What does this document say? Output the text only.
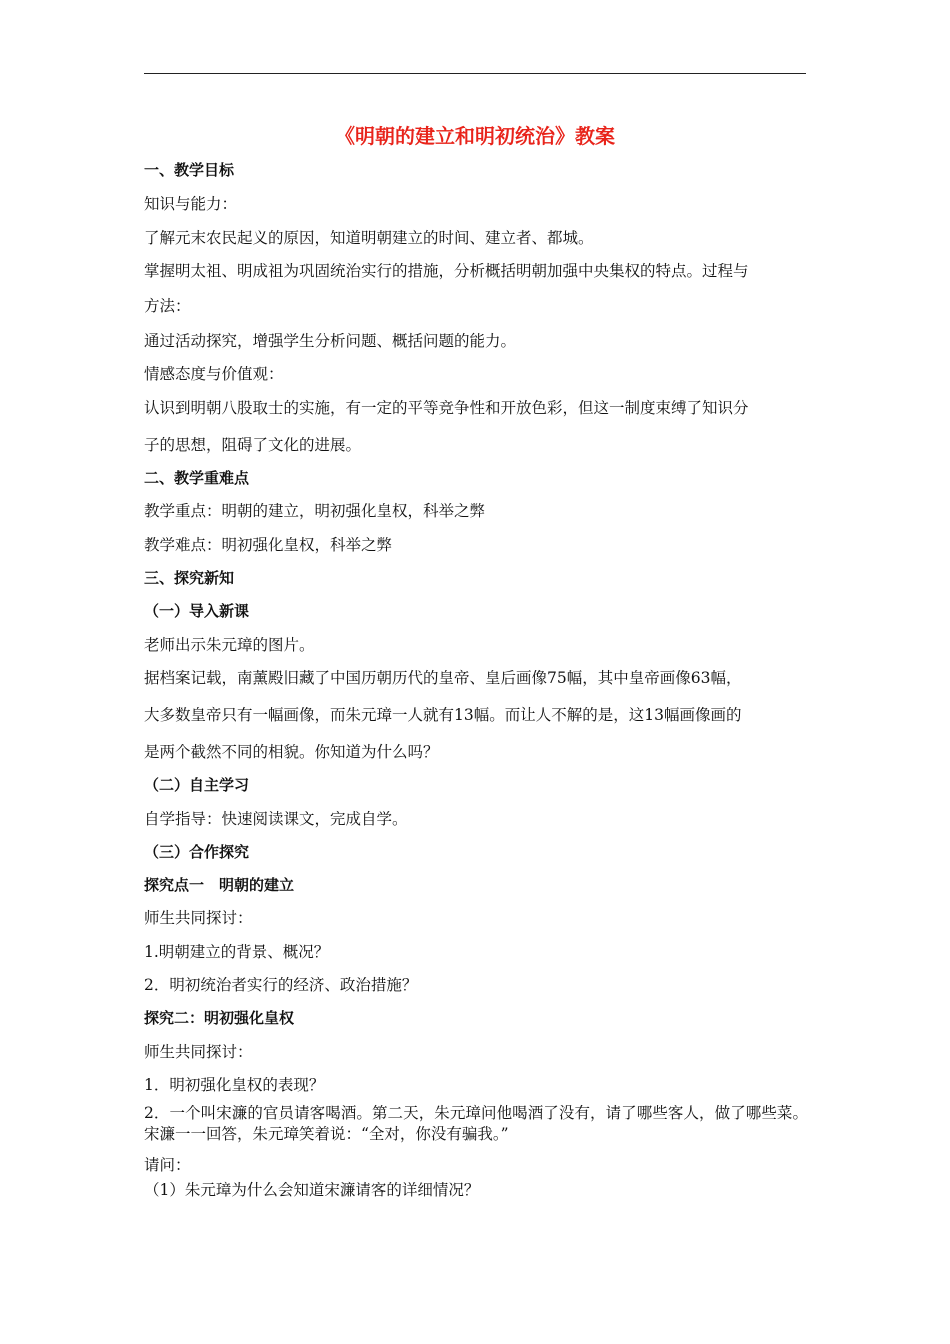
《明朝的建立和明初统治》教案
一、教学目标
知识与能力：
了解元末农民起义的原因，知道明朝建立的时间、建立者、都城。
掌握明太祖、明成祖为巩固统治实行的措施，分析概括明朝加强中央集权的特点。过程与
方法：
通过活动探究，增强学生分析问题、概括问题的能力。
情感态度与价值观：
认识到明朝八股取士的实施，有一定的平等竞争性和开放色彩，但这一制度束缚了知识分
子的思想，阻碍了文化的进展。
二、教学重难点
教学重点：明朝的建立，明初强化皇权，科举之弊
教学难点：明初强化皇权，科举之弊
三、探究新知
（一）导入新课
老师出示朱元璋的图片。
据档案记载，南薰殿旧藏了中国历朝历代的皇帝、皇后画像75幅，其中皇帝画像63幅，
大多数皇帝只有一幅画像，而朱元璋一人就有13幅。而让人不解的是，这13幅画像画的
是两个截然不同的相貌。你知道为什么吗？
（二）自主学习
自学指导：快速阅读课文，完成自学。
（三）合作探究
探究点一　明朝的建立
师生共同探讨：
1.明朝建立的背景、概况？
2．明初统治者实行的经济、政治措施？
探究二：明初强化皇权
师生共同探讨：
1．明初强化皇权的表现？
2．一个叫宋濂的官员请客喝酒。第二天，朱元璋问他喝酒了没有，请了哪些客人，做了哪些菜。宋濂一一回答，朱元璋笑着说：“全对，你没有骗我。”
请问：
（1）朱元璋为什么会知道宋濂请客的详细情况？
